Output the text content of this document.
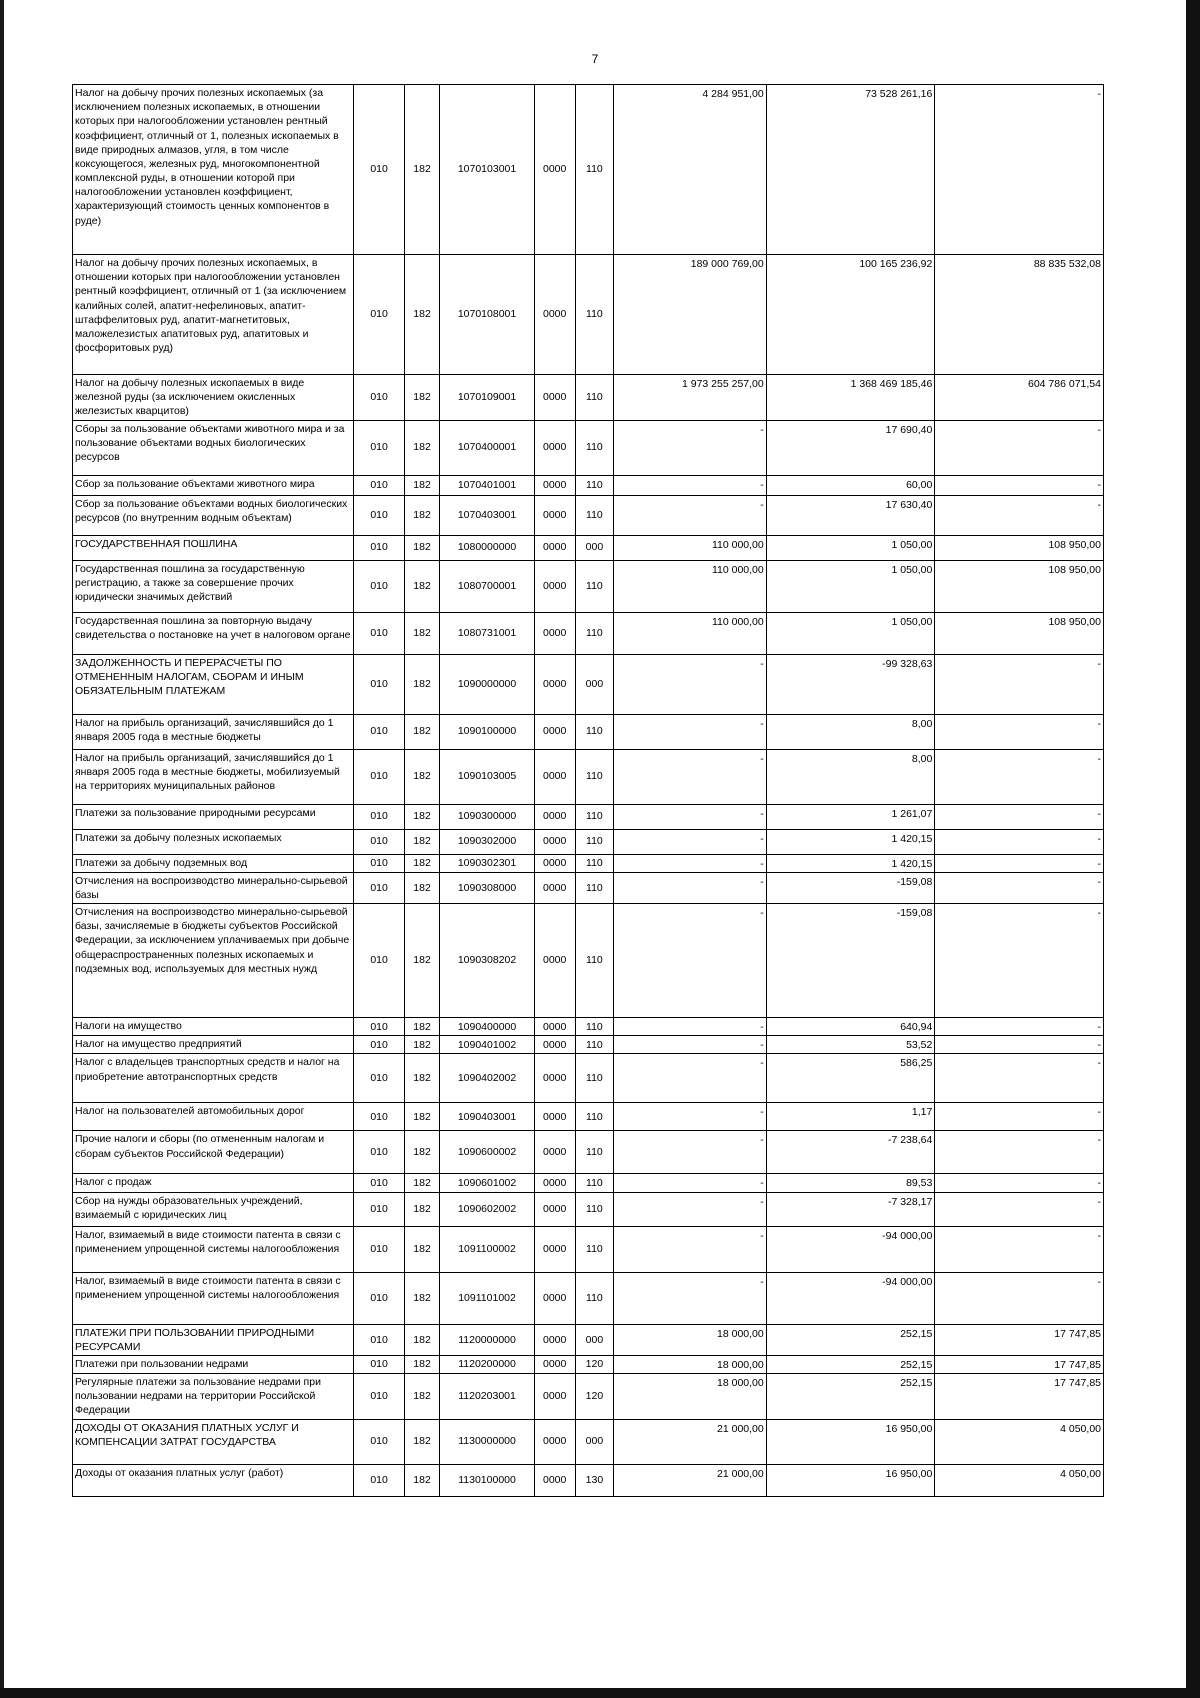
7
Налог на добычу прочих полезных ископаемых (за исключением полезных ископаемых, в отношении которых при налогообложении установлен рентный коэффициент, отличный от 1, полезных ископаемых в виде природных алмазов, угля, в том числе коксующегося, железных руд, многокомпонентной комплексной руды, в отношении которой при налогообложении установлен коэффициент, характеризующий стоимость ценных компонентов в руде)	010	182	1070103001	0000	110	4 284 951,00	73 528 261,16	-
Налог на добычу прочих полезных ископаемых, в отношении которых при налогообложении установлен рентный коэффициент, отличный от 1 (за исключением калийных солей, апатит-нефелиновых, апатит-штаффелитовых руд, апатит-магнетитовых, маложелезистых апатитовых руд, апатитовых и фосфоритовых руд)	010	182	1070108001	0000	110	189 000 769,00	100 165 236,92	88 835 532,08
Налог на добычу полезных ископаемых в виде железной руды (за исключением окисленных железистых кварцитов)	010	182	1070109001	0000	110	1 973 255 257,00	1 368 469 185,46	604 786 071,54
Сборы за пользование объектами животного мира и за пользование объектами водных биологических ресурсов	010	182	1070400001	0000	110	-	17 690,40	-
Сбор за пользование объектами животного мира	010	182	1070401001	0000	110	-	60,00	-
Сбор за пользование объектами водных биологических ресурсов (по внутренним водным объектам)	010	182	1070403001	0000	110	-	17 630,40	-
ГОСУДАРСТВЕННАЯ ПОШЛИНА	010	182	1080000000	0000	000	110 000,00	1 050,00	108 950,00
Государственная пошлина за государственную регистрацию, а также за совершение прочих юридически значимых действий	010	182	1080700001	0000	110	110 000,00	1 050,00	108 950,00
Государственная пошлина за повторную выдачу свидетельства о постановке на учет в налоговом органе	010	182	1080731001	0000	110	110 000,00	1 050,00	108 950,00
ЗАДОЛЖЕННОСТЬ И ПЕРЕРАСЧЕТЫ ПО ОТМЕНЕННЫМ НАЛОГАМ, СБОРАМ И ИНЫМ ОБЯЗАТЕЛЬНЫМ ПЛАТЕЖАМ	010	182	1090000000	0000	000	-	-99 328,63	-
Налог на прибыль организаций, зачислявшийся до 1 января 2005 года в местные бюджеты	010	182	1090100000	0000	110	-	8,00	-
Налог на прибыль организаций, зачислявшийся до 1 января 2005 года в местные бюджеты, мобилизуемый на территориях муниципальных районов	010	182	1090103005	0000	110	-	8,00	-
Платежи за пользование природными ресурсами	010	182	1090300000	0000	110	-	1 261,07	-
Платежи за добычу полезных ископаемых	010	182	1090302000	0000	110	-	1 420,15	-
Платежи за добычу подземных вод	010	182	1090302301	0000	110	-	1 420,15	-
Отчисления на воспроизводство минерально-сырьевой базы	010	182	1090308000	0000	110	-	-159,08	-
Отчисления на воспроизводство минерально-сырьевой базы, зачисляемые в бюджеты субъектов Российской Федерации, за исключением уплачиваемых при добыче общераспространенных полезных ископаемых и подземных вод, используемых для местных нужд	010	182	1090308202	0000	110	-	-159,08	-
Налоги на имущество	010	182	1090400000	0000	110	-	640,94	-
Налог на имущество предприятий	010	182	1090401002	0000	110	-	53,52	-
Налог с владельцев транспортных средств и налог на приобретение автотранспортных средств	010	182	1090402002	0000	110	-	586,25	-
Налог на пользователей автомобильных дорог	010	182	1090403001	0000	110	-	1,17	-
Прочие налоги и сборы (по отмененным налогам и сборам субъектов Российской Федерации)	010	182	1090600002	0000	110	-	-7 238,64	-
Налог с продаж	010	182	1090601002	0000	110	-	89,53	-
Сбор на нужды образовательных учреждений, взимаемый с юридических лиц	010	182	1090602002	0000	110	-	-7 328,17	-
Налог, взимаемый в виде стоимости патента в связи с применением упрощенной системы налогообложения	010	182	1091100002	0000	110	-	-94 000,00	-
Налог, взимаемый в виде стоимости патента в связи с применением упрощенной системы налогообложения	010	182	1091101002	0000	110	-	-94 000,00	-
ПЛАТЕЖИ ПРИ ПОЛЬЗОВАНИИ ПРИРОДНЫМИ РЕСУРСАМИ	010	182	1120000000	0000	000	18 000,00	252,15	17 747,85
Платежи при пользовании недрами	010	182	1120200000	0000	120	18 000,00	252,15	17 747,85
Регулярные платежи за пользование недрами при пользовании недрами на территории Российской Федерации	010	182	1120203001	0000	120	18 000,00	252,15	17 747,85
ДОХОДЫ ОТ ОКАЗАНИЯ ПЛАТНЫХ УСЛУГ И КОМПЕНСАЦИИ ЗАТРАТ ГОСУДАРСТВА	010	182	1130000000	0000	000	21 000,00	16 950,00	4 050,00
Доходы от оказания платных услуг (работ)	010	182	1130100000	0000	130	21 000,00	16 950,00	4 050,00
